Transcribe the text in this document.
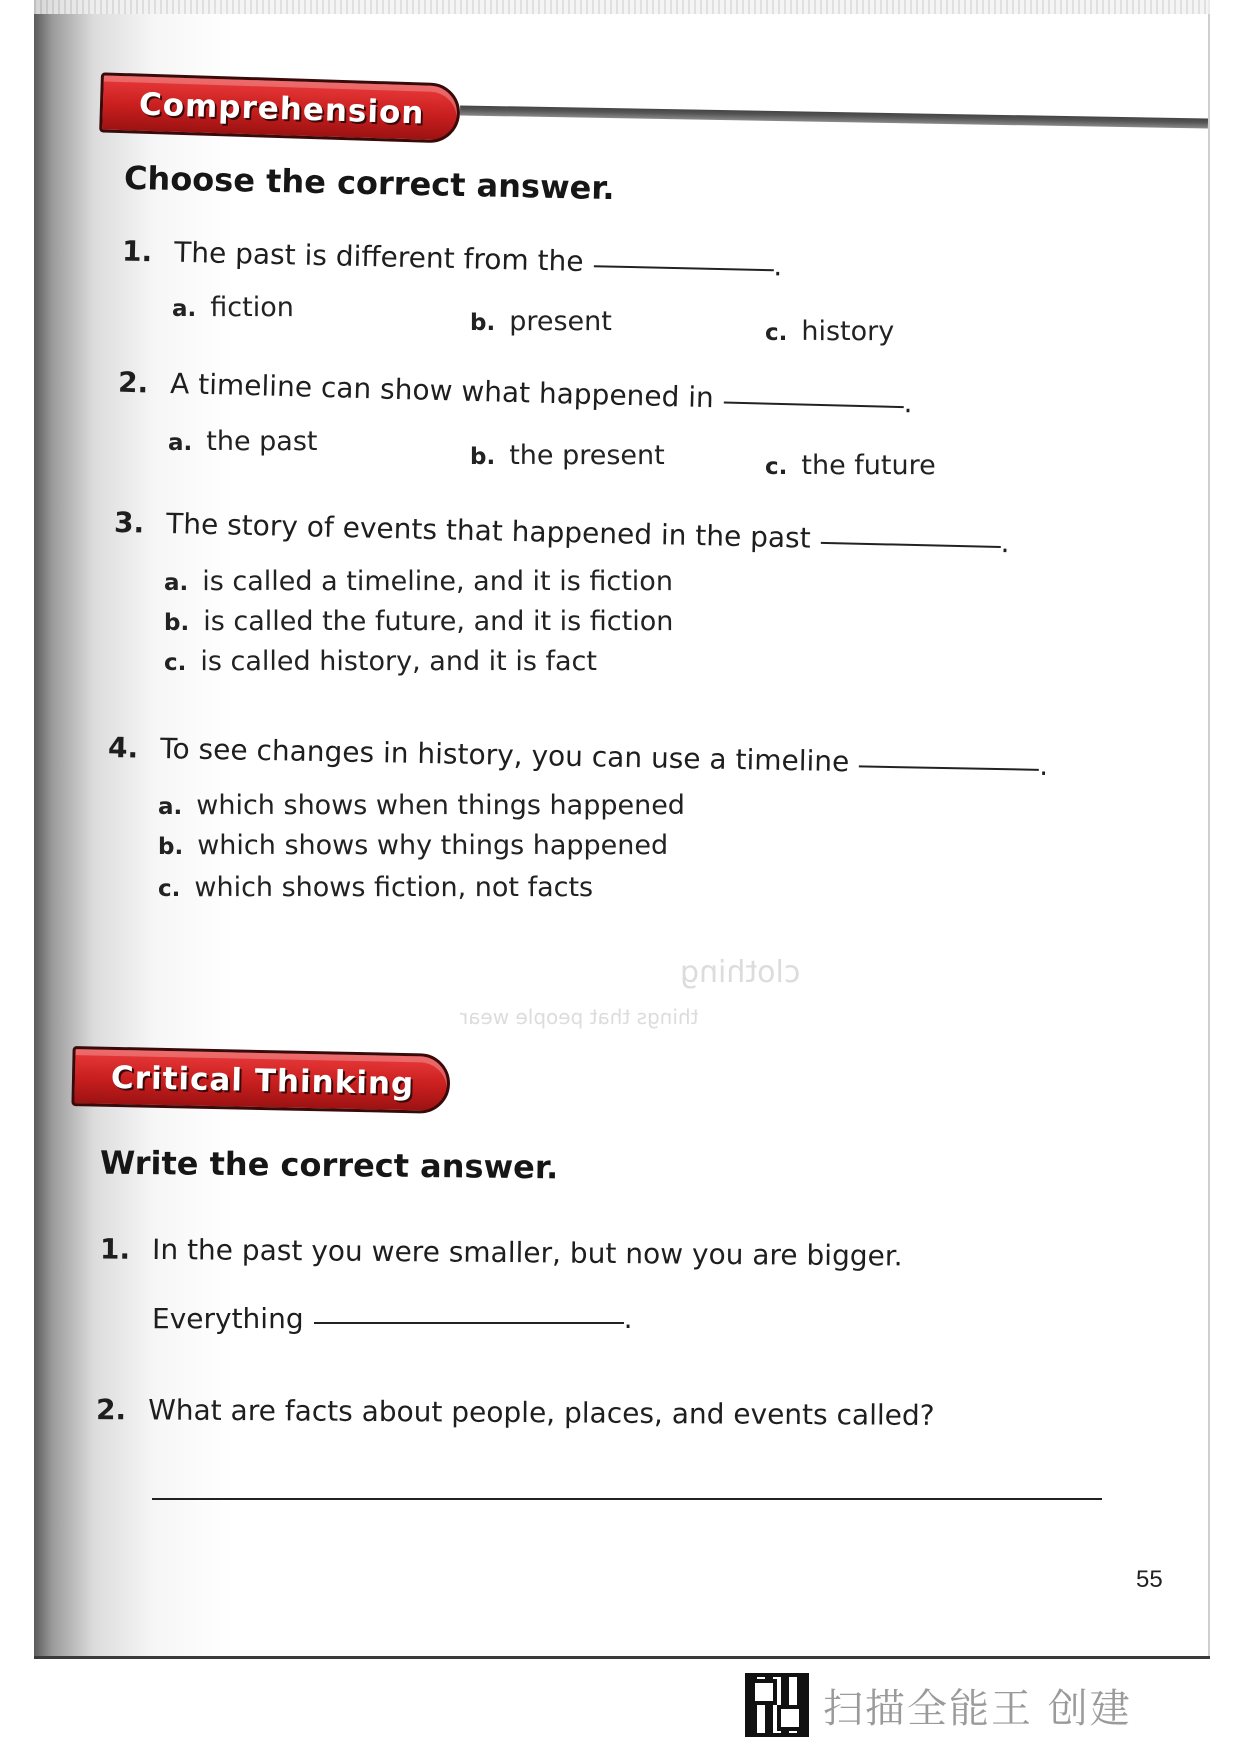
clothing
things that people wear
Comprehension
Choose the correct answer.
1. The past is different from the	.
a. fiction	b. present	c. history
2. A timeline can show what happened in	.
a. the past	b. the present	c. the future
3. The story of events that happened in the past	.
a. is called a timeline, and it is fiction
b. is called the future, and it is fiction
c. is called history, and it is fact
4. To see changes in history, you can use a timeline	.
a. which shows when things happened
b. which shows why things happened
c. which shows fiction, not facts
Critical Thinking
Write the correct answer.
1. In the past you were smaller, but now you are bigger.
Everything	.
2. What are facts about people, places, and events called?
55
扫描全能王 创建
